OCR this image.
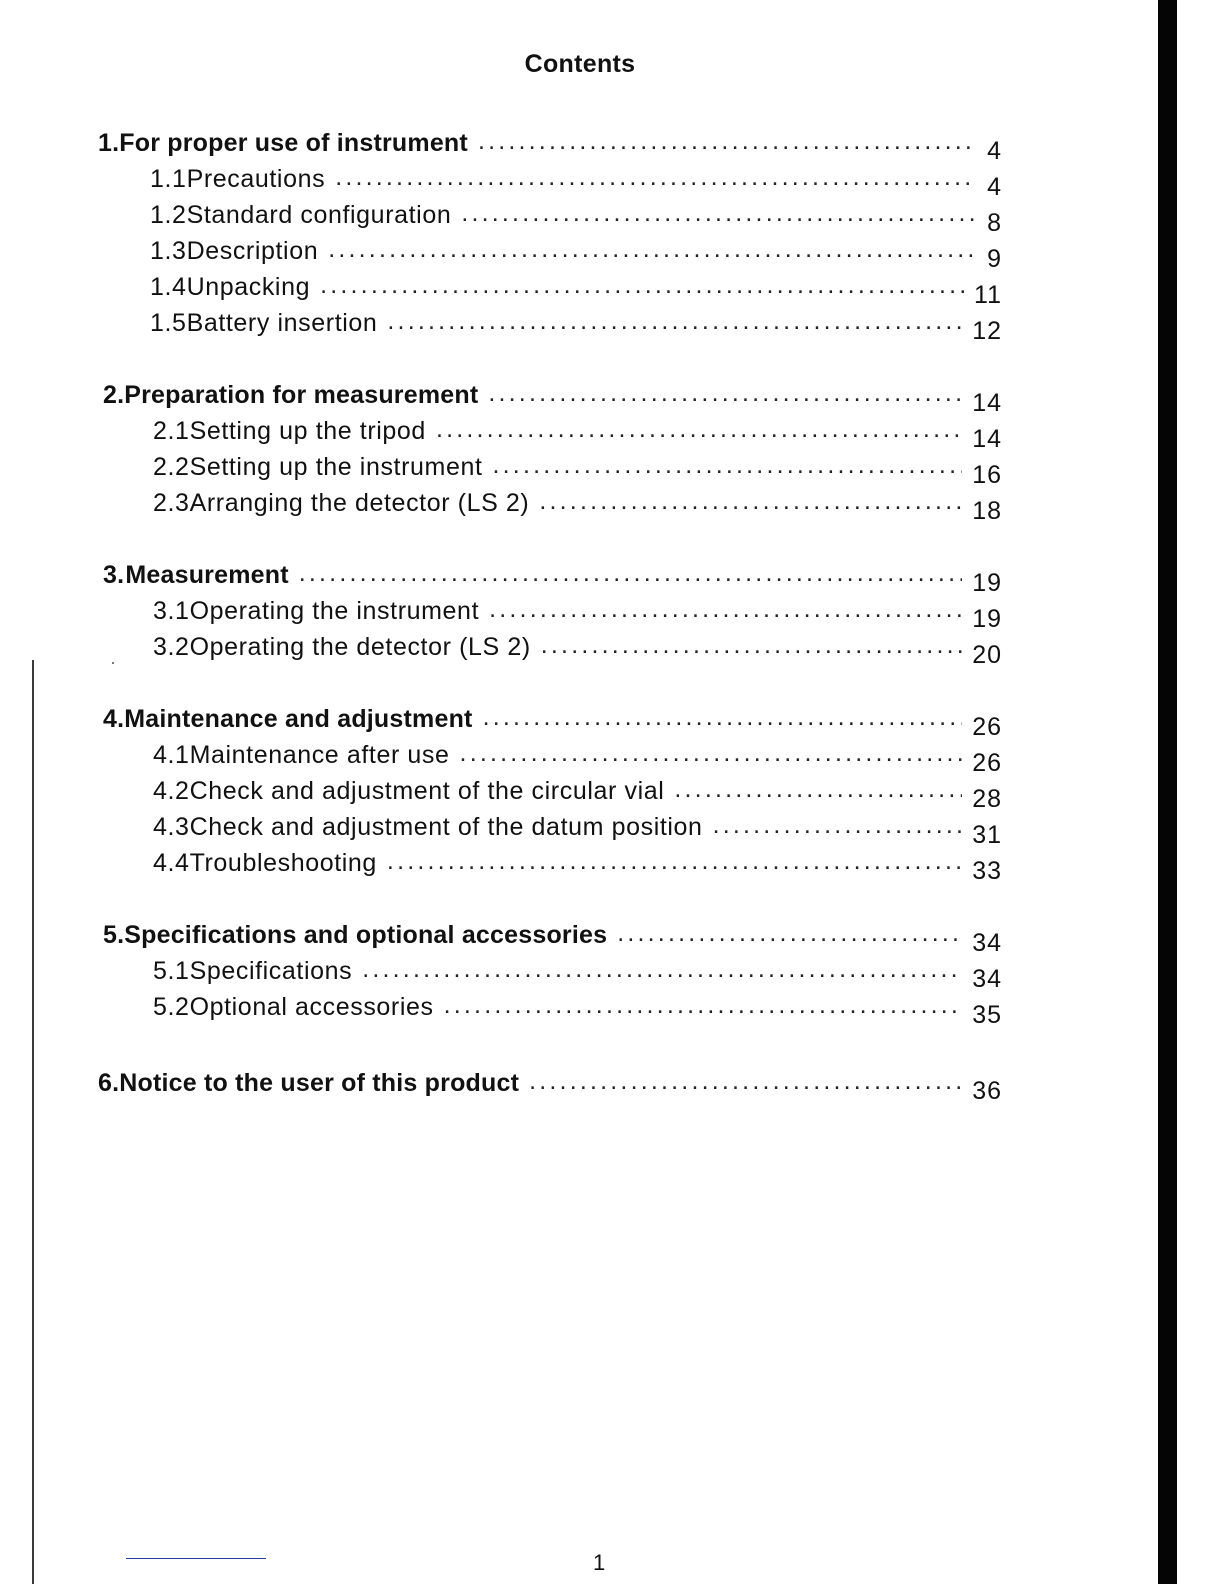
Contents
1. For proper use of instrument .....	4
1.1 Precautions .....	4
1.2 Standard configuration .....	8
1.3 Description .....	9
1.4 Unpacking .....	11
1.5 Battery insertion .....	12
2. Preparation for measurement .....	14
2.1 Setting up the tripod .....	14
2.2 Setting up the instrument .....	16
2.3 Arranging the detector (LS 2) .....	18
3. Measurement .....	19
3.1 Operating the instrument .....	19
3.2 Operating the detector (LS 2) .....	20
4. Maintenance and adjustment .....	26
4.1 Maintenance after use .....	26
4.2 Check and adjustment of the circular vial .....	28
4.3 Check and adjustment of the datum position .....	31
4.4 Troubleshooting .....	33
5. Specifications and optional accessories .....	34
5.1 Specifications .....	34
5.2 Optional accessories .....	35
6. Notice to the user of this product .....	36
1
